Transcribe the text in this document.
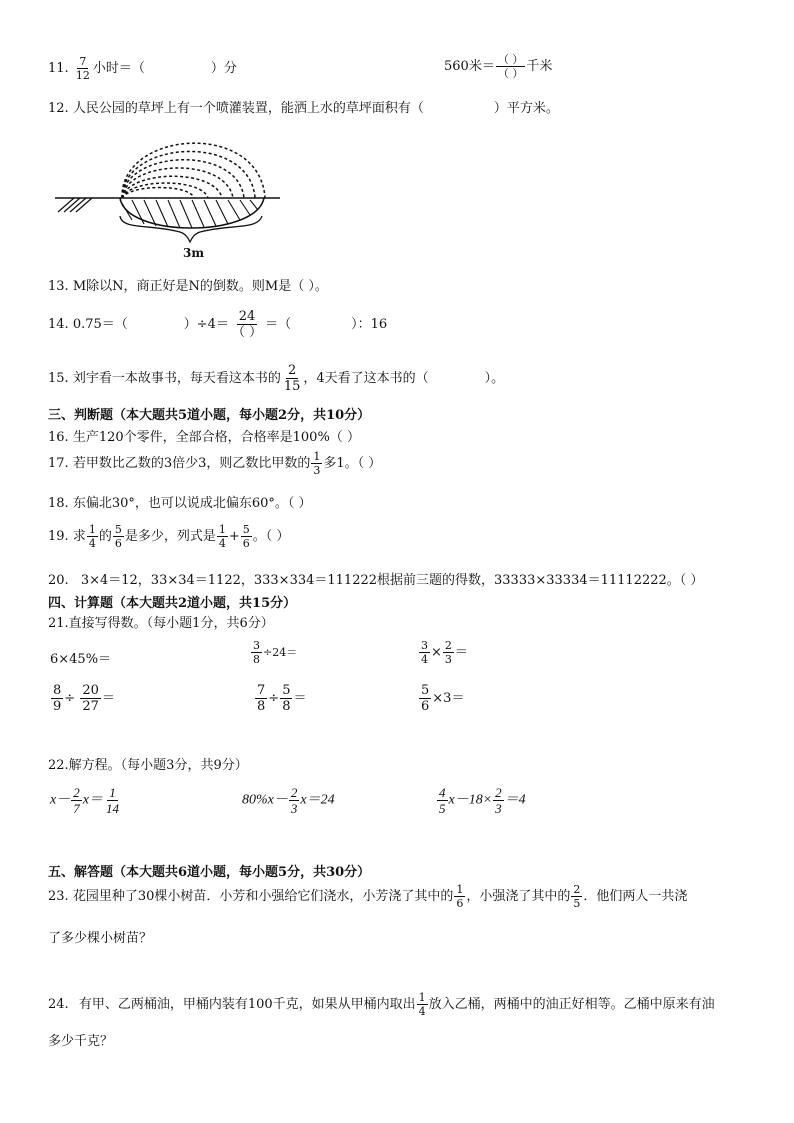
11. $\frac{7}{12}$ 小时＝（	）分	560米＝ $\frac{( )}{( )}$ 千米
12. 人民公园的草坪上有一个喷灌装置，能洒上水的草坪面积有（	）平方米。
3m
13. M除以N，商正好是N的倒数。则M是（ ）。
14. 0.75＝（	）$\div 4= \frac{24}{( )}$ ＝（	）：16
15. 刘宇看一本故事书，每天看这本书的 $\frac{2}{15}$ ，4天看了这本书的（	）。
三、判断题（本大题共5道小题，每小题2分，共10分）
16. 生产120个零件，全部合格，合格率是100%（ ）
17. 若甲数比乙数的3倍少3，则乙数比甲数的 $\frac{1}{3}$ 多1。（ ）
18. 东偏北30°，也可以说成北偏东60°。（ ）
19. 求 $\frac{1}{4}$ 的 $\frac{5}{6}$ 是多少，列式是 $\frac{1}{4} + \frac{5}{6}$ 。（ ）
20. 3×4＝12，33×34＝1122，333×334＝111222根据前三题的得数，33333×33334＝11112222。（ ）
四、计算题（本大题共2道小题，共15分）
21.直接写得数。（每小题1分，共6分）
6×45%＝	$\frac{3}{8} \div 24=$	$\frac{3}{4} \times \frac{2}{3}$ ＝
$\frac{8}{9} \div \frac{20}{27}$ ＝	$\frac{7}{8} \div \frac{5}{8}$ ＝	$\frac{5}{6} \times 3=$
22.解方程。（每小题3分，共9分）
$x- \frac{2}{7} x= \frac{1}{14}$	$80\%x- \frac{2}{3} x=24$	$\frac{4}{5} x-18\times \frac{2}{3} =4$
五、解答题（本大题共6道小题，每小题5分，共30分）
23. 花园里种了30棵小树苗．小芳和小强给它们浇水，小芳浇了其中的 $\frac{1}{6}$ ，小强浇了其中的 $\frac{2}{5}$ ．他们两人一共浇
了多少棵小树苗？
24. 有甲、乙两桶油，甲桶内装有100千克，如果从甲桶内取出 $\frac{1}{4}$ 放入乙桶，两桶中的油正好相等。乙桶中原来有油
多少千克？
